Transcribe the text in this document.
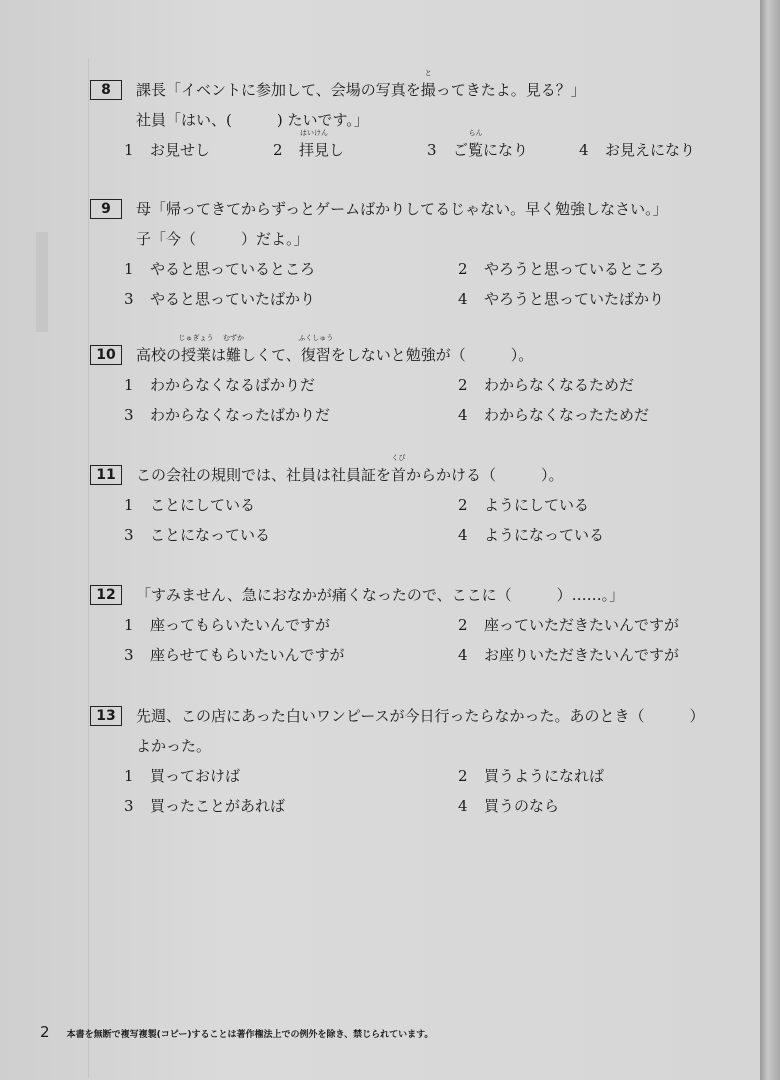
8	課長「イベントに参加して、会場の写真を
と
撮ってきたよ。見る？」
社員「はい、(　　　) たいです。」
1 お見せし	2
はいけん
拝見し	3 ご
らん
覧になり	4 お見えになり
9	母「帰ってきてからずっとゲームばかりしてるじゃない。早く勉強しなさい。」
子「今（　　　）だよ。」
1 やると思っているところ	2 やろうと思っているところ
3 やると思っていたばかり	4 やろうと思っていたばかり
10	高校の
じゅぎょう
授業は
むずか
難しくて、
ふくしゅう
復習をしないと勉強が（　　　）。
1 わからなくなるばかりだ	2 わからなくなるためだ
3 わからなくなったばかりだ	4 わからなくなったためだ
11	この会社の規則では、社員は社員証を
くび
首からかける（　　　）。
1 ことにしている	2 ようにしている
3 ことになっている	4 ようになっている
12	「すみません、急におなかが痛くなったので、ここに（　　　）……。」
1 座ってもらいたいんですが	2 座っていただきたいんですが
3 座らせてもらいたいんですが	4 お座りいただきたいんですが
13	先週、この店にあった白いワンピースが今日行ったらなかった。あのとき（　　　）
よかった。
1 買っておけば	2 買うようになれば
3 買ったことがあれば	4 買うのなら
2 本書を無断で複写複製(コピー)することは著作権法上での例外を除き、禁じられています。
